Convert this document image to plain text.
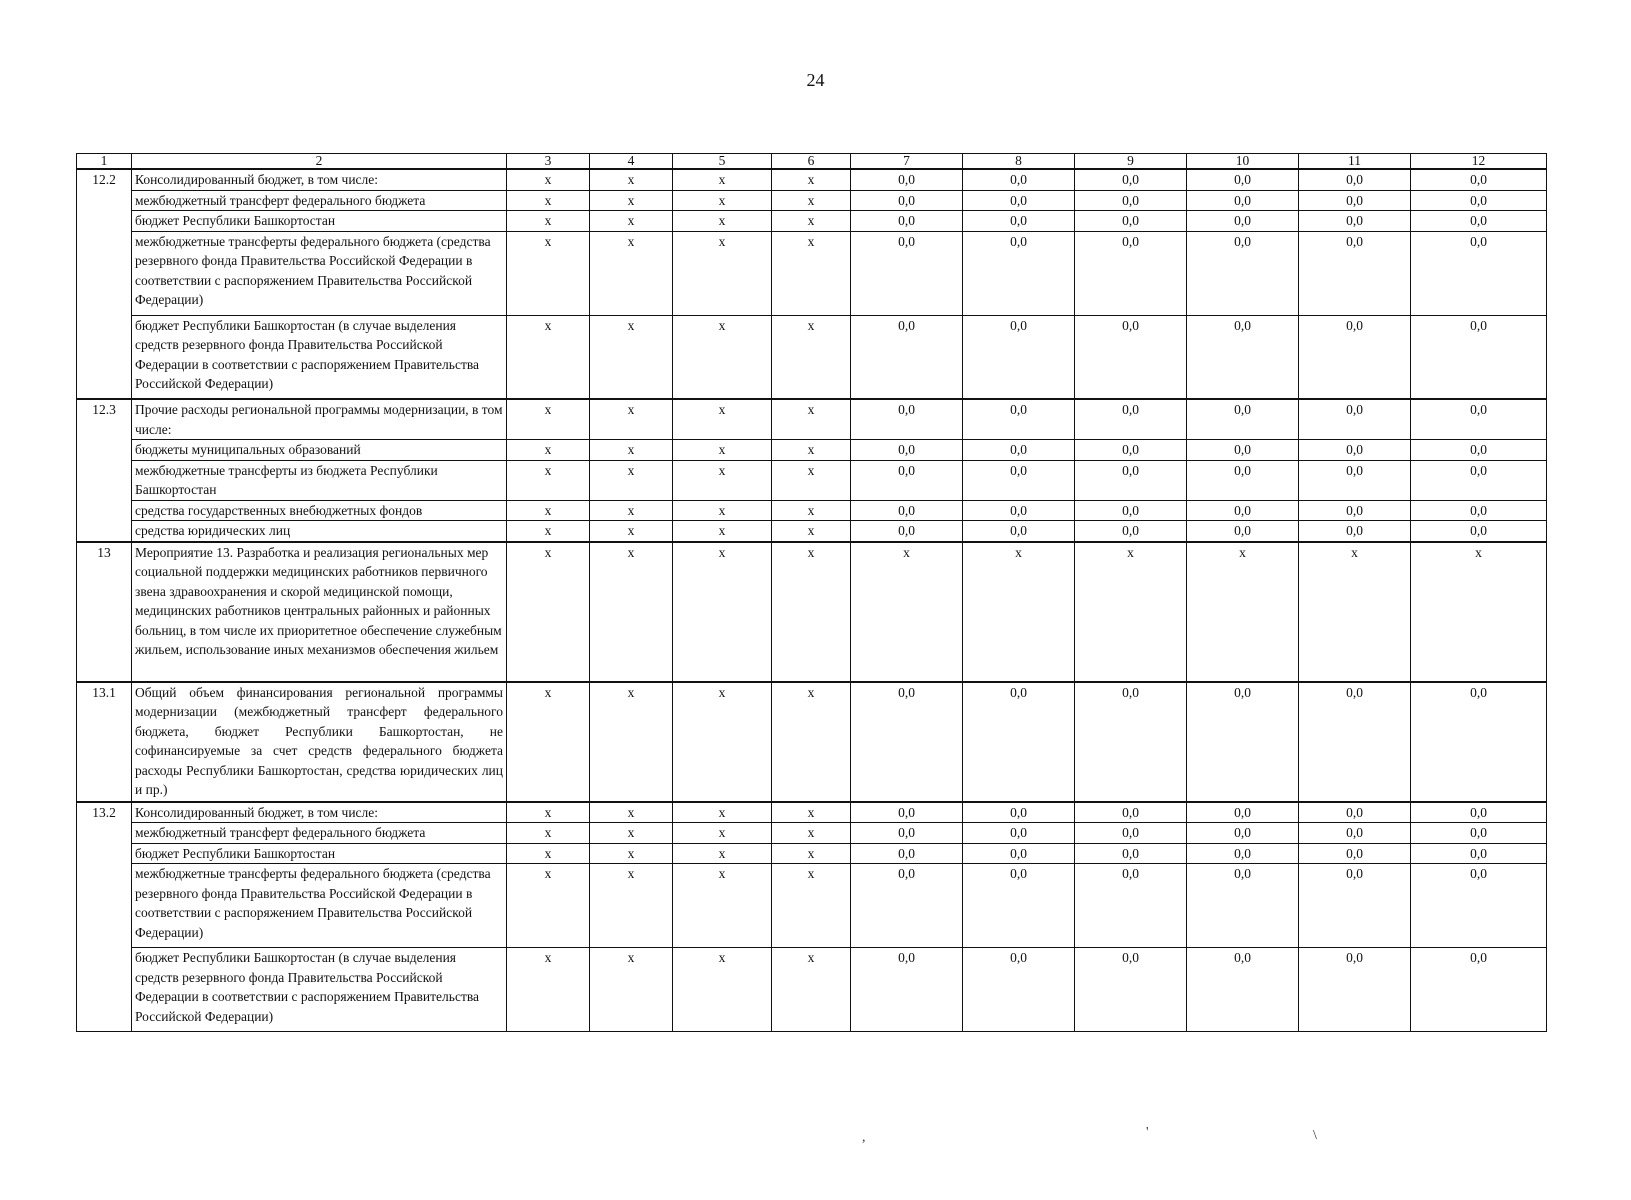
24
1	2	3	4	5	6	7	8	9	10	11	12
12.2	Консолидированный бюджет, в том числе:	х	х	х	х	0,0	0,0	0,0	0,0	0,0	0,0
	межбюджетный трансферт федерального бюджета	х	х	х	х	0,0	0,0	0,0	0,0	0,0	0,0
	бюджет Республики Башкортостан	х	х	х	х	0,0	0,0	0,0	0,0	0,0	0,0
	межбюджетные трансферты федерального бюджета (средства резервного фонда Правительства Российской Федерации в соответствии с распоряжением Правительства Российской Федерации)	х	х	х	х	0,0	0,0	0,0	0,0	0,0	0,0
	бюджет Республики Башкортостан (в случае выделения средств резервного фонда Правительства Российской Федерации в соответствии с распоряжением Правительства Российской Федерации)	х	х	х	х	0,0	0,0	0,0	0,0	0,0	0,0
12.3	Прочие расходы региональной программы модернизации, в том числе:	х	х	х	х	0,0	0,0	0,0	0,0	0,0	0,0
	бюджеты муниципальных образований	х	х	х	х	0,0	0,0	0,0	0,0	0,0	0,0
	межбюджетные трансферты из бюджета Республики Башкортостан	х	х	х	х	0,0	0,0	0,0	0,0	0,0	0,0
	средства государственных внебюджетных фондов	х	х	х	х	0,0	0,0	0,0	0,0	0,0	0,0
	средства юридических лиц	х	х	х	х	0,0	0,0	0,0	0,0	0,0	0,0
13	Мероприятие 13. Разработка и реализация региональных мер социальной поддержки медицинских работников первичного звена здравоохранения и скорой медицинской помощи, медицинских работников центральных районных и районных больниц, в том числе их приоритетное обеспечение служебным жильем, использование иных механизмов обеспечения жильем	х	х	х	х	х	х	х	х	х	х
13.1	Общий объем финансирования региональной программы модернизации (межбюджетный трансферт федерального бюджета, бюджет Республики Башкортостан, не софинансируемые за счет средств федерального бюджета расходы Республики Башкортостан, средства юридических лиц и пр.)	х	х	х	х	0,0	0,0	0,0	0,0	0,0	0,0
13.2	Консолидированный бюджет, в том числе:	х	х	х	х	0,0	0,0	0,0	0,0	0,0	0,0
	межбюджетный трансферт федерального бюджета	х	х	х	х	0,0	0,0	0,0	0,0	0,0	0,0
	бюджет Республики Башкортостан	х	х	х	х	0,0	0,0	0,0	0,0	0,0	0,0
	межбюджетные трансферты федерального бюджета (средства резервного фонда Правительства Российской Федерации в соответствии с распоряжением Правительства Российской Федерации)	х	х	х	х	0,0	0,0	0,0	0,0	0,0	0,0
	бюджет Республики Башкортостан (в случае выделения средств резервного фонда Правительства Российской Федерации в соответствии с распоряжением Правительства Российской Федерации)	х	х	х	х	0,0	0,0	0,0	0,0	0,0	0,0
,	'	\
